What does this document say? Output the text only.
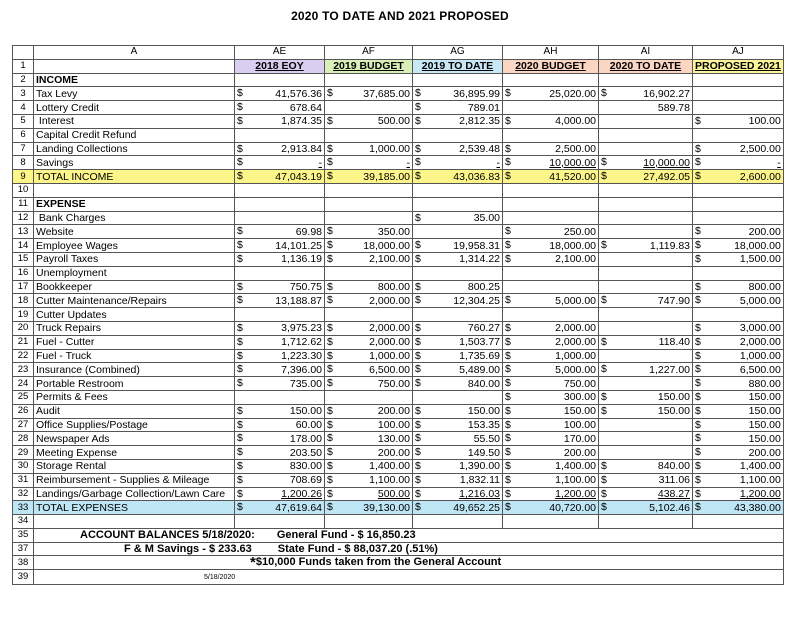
2020 TO DATE AND 2021 PROPOSED
	A	AE	AF	AG	AH	AI	AJ
1		2018 EOY	2019 BUDGET	2019 TO DATE	2020 BUDGET	2020 TO DATE	PROPOSED 2021
2	INCOME						
3	Tax Levy	$ 41,576.36	$ 37,685.00	$ 36,895.99	$ 25,020.00	$ 16,902.27	

4	Lottery Credit	$ 678.64		$ 789.01		589.78	

5	Interest	$ 1,874.35	$ 500.00	$ 2,812.35	$ 4,000.00		$ 100.00

6	Capital Credit Refund						
7	Landing Collections	$ 2,913.84	$ 1,000.00	$ 2,539.48	$ 2,500.00		$ 2,500.00

8	Savings	$ -	$ -	$ -	$ 10,000.00	$ 10,000.00	$ -

9	TOTAL INCOME	$ 47,043.19	$ 39,185.00	$ 43,036.83	$ 41,520.00	$ 27,492.05	$ 2,600.00

10							
11	EXPENSE						
12	Bank Charges			$ 35.00			

13	Website	$ 69.98	$ 350.00		$ 250.00		$ 200.00

14	Employee Wages	$ 14,101.25	$ 18,000.00	$ 19,958.31	$ 18,000.00	$ 1,119.83	$ 18,000.00

15	Payroll Taxes	$ 1,136.19	$ 2,100.00	$ 1,314.22	$ 2,100.00		$ 1,500.00

16	Unemployment						
17	Bookkeeper	$ 750.75	$ 800.00	$ 800.25			$ 800.00

18	Cutter Maintenance/Repairs	$ 13,188.87	$ 2,000.00	$ 12,304.25	$ 5,000.00	$ 747.90	$ 5,000.00

19	Cutter Updates						
20	Truck Repairs	$ 3,975.23	$ 2,000.00	$ 760.27	$ 2,000.00		$ 3,000.00

21	Fuel - Cutter	$ 1,712.62	$ 2,000.00	$ 1,503.77	$ 2,000.00	$ 118.40	$ 2,000.00

22	Fuel - Truck	$ 1,223.30	$ 1,000.00	$ 1,735.69	$ 1,000.00		$ 1,000.00

23	Insurance (Combined)	$ 7,396.00	$ 6,500.00	$ 5,489.00	$ 5,000.00	$ 1,227.00	$ 6,500.00

24	Portable Restroom	$ 735.00	$ 750.00	$ 840.00	$ 750.00		$ 880.00

25	Permits & Fees				$ 300.00	$ 150.00	$ 150.00

26	Audit	$ 150.00	$ 200.00	$ 150.00	$ 150.00	$ 150.00	$ 150.00

27	Office Supplies/Postage	$ 60.00	$ 100.00	$ 153.35	$ 100.00		$ 150.00

28	Newspaper Ads	$ 178.00	$ 130.00	$ 55.50	$ 170.00		$ 150.00

29	Meeting Expense	$ 203.50	$ 200.00	$ 149.50	$ 200.00		$ 200.00

30	Storage Rental	$ 830.00	$ 1,400.00	$ 1,390.00	$ 1,400.00	$ 840.00	$ 1,400.00

31	Reimbursement - Supplies & Mileage	$ 708.69	$ 1,100.00	$ 1,832.11	$ 1,100.00	$ 311.06	$ 1,100.00

32	Landings/Garbage Collection/Lawn Care	$ 1,200.26	$ 500.00	$ 1,216.03	$ 1,200.00	$ 438.27	$ 1,200.00

33	TOTAL EXPENSES	$ 47,619.64	$ 39,130.00	$ 49,652.25	$ 40,720.00	$ 5,102.46	$ 43,380.00

34							
35	ACCOUNT BALANCES 5/18/2020: General Fund - $ 16,850.23						
37	F & M Savings - $ 233.63 State Fund - $ 88,037.20 (.51%)						
38	*$10,000 Funds taken from the General Account						
39	5/18/2020						
